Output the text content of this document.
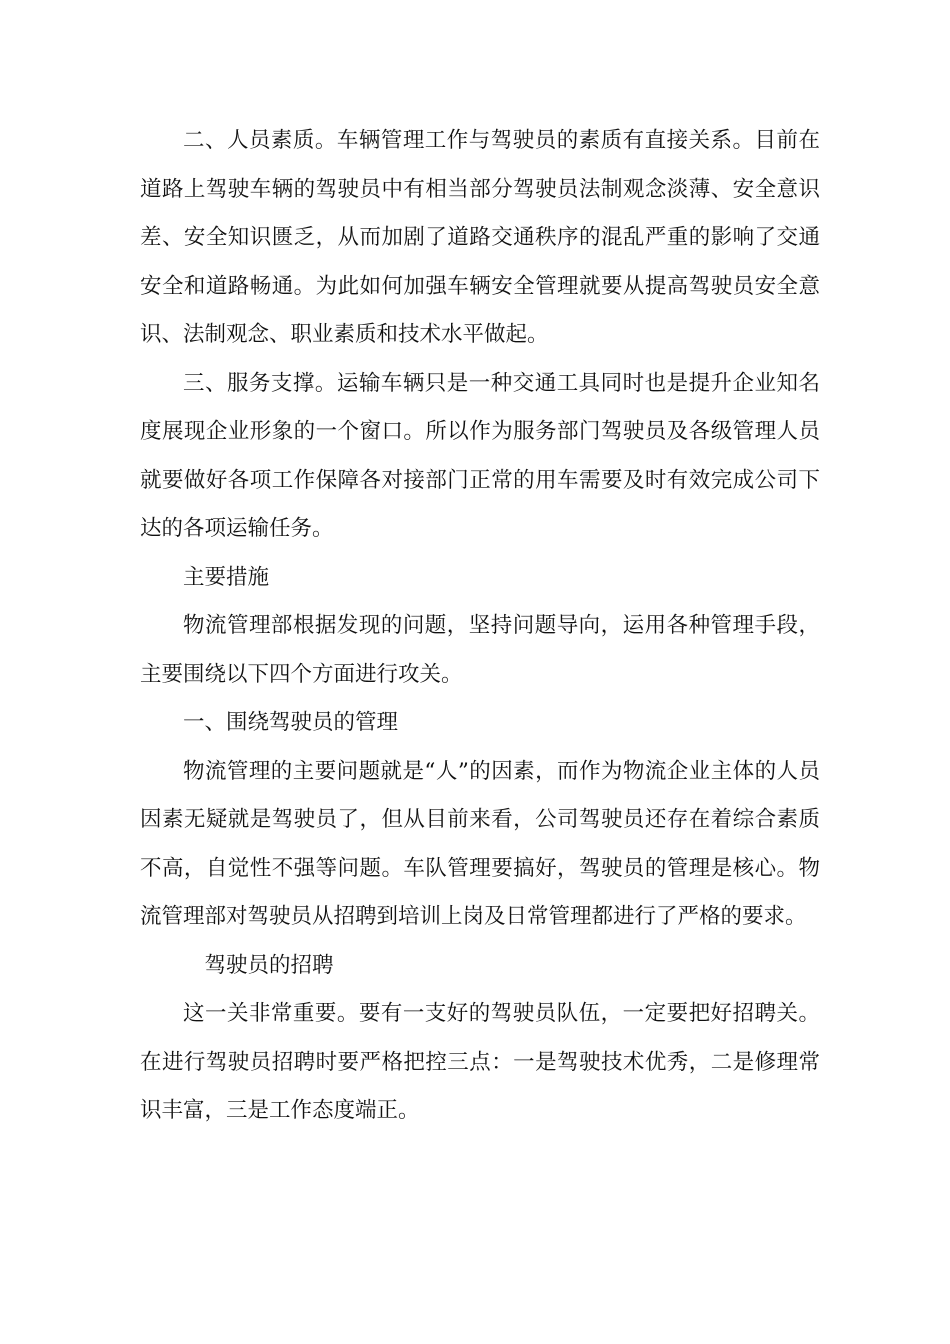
二、人员素质。车辆管理工作与驾驶员的素质有直接关系。目前在道路上驾驶车辆的驾驶员中有相当部分驾驶员法制观念淡薄、安全意识差、安全知识匮乏，从而加剧了道路交通秩序的混乱严重的影响了交通安全和道路畅通。为此如何加强车辆安全管理就要从提高驾驶员安全意识、法制观念、职业素质和技术水平做起。

三、服务支撑。运输车辆只是一种交通工具同时也是提升企业知名度展现企业形象的一个窗口。所以作为服务部门驾驶员及各级管理人员就要做好各项工作保障各对接部门正常的用车需要及时有效完成公司下达的各项运输任务。

主要措施

物流管理部根据发现的问题，坚持问题导向，运用各种管理手段，主要围绕以下四个方面进行攻关。

一、围绕驾驶员的管理

物流管理的主要问题就是“人”的因素，而作为物流企业主体的人员因素无疑就是驾驶员了，但从目前来看，公司驾驶员还存在着综合素质不高，自觉性不强等问题。车队管理要搞好，驾驶员的管理是核心。物流管理部对驾驶员从招聘到培训上岗及日常管理都进行了严格的要求。

驾驶员的招聘

这一关非常重要。要有一支好的驾驶员队伍，一定要把好招聘关。在进行驾驶员招聘时要严格把控三点：一是驾驶技术优秀，二是修理常识丰富，三是工作态度端正。
